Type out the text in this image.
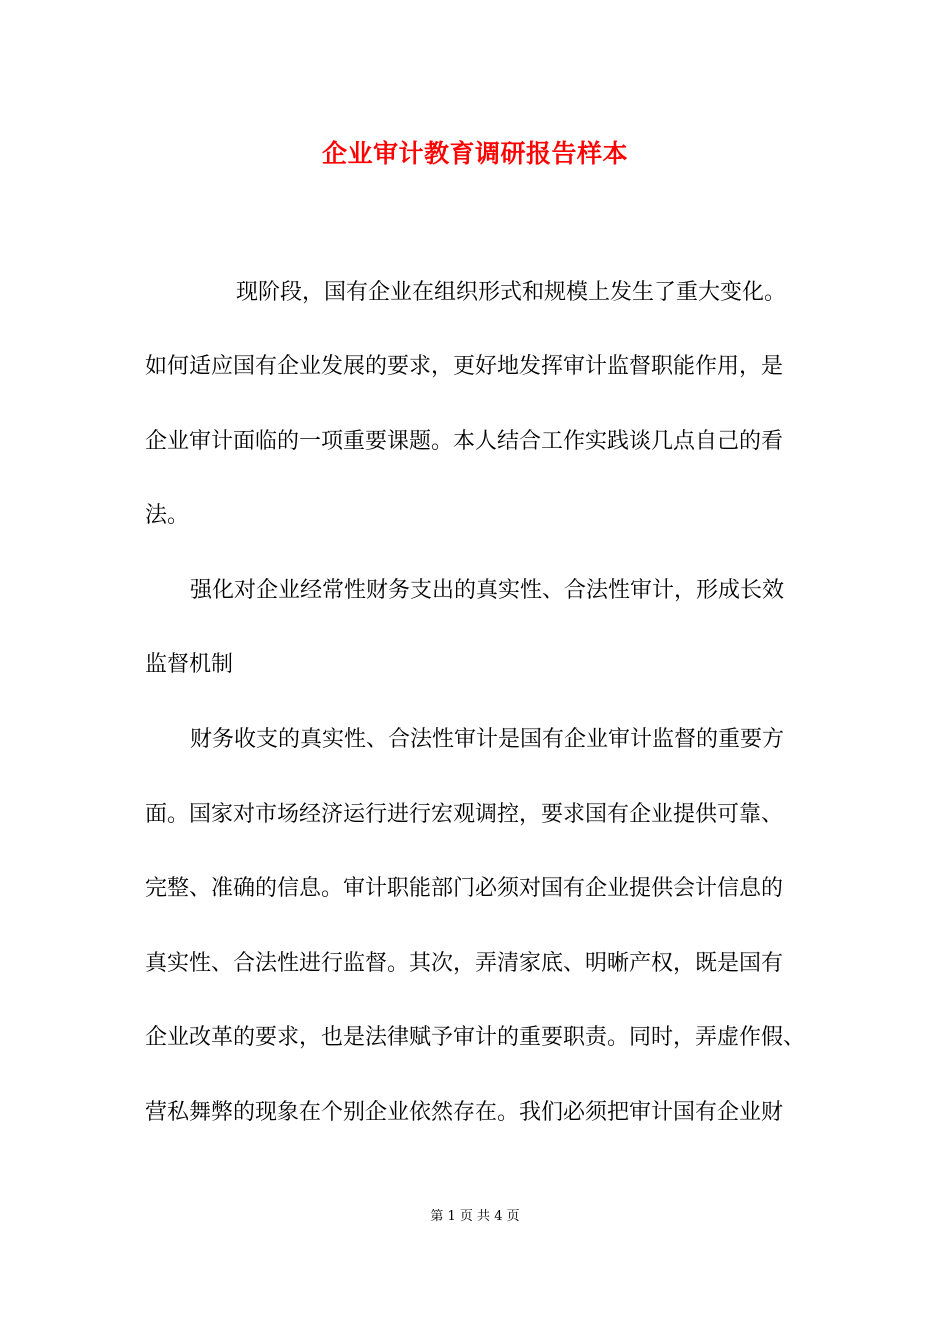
企业审计教育调研报告样本
现阶段，国有企业在组织形式和规模上发生了重大变化。
如何适应国有企业发展的要求，更好地发挥审计监督职能作用，是
企业审计面临的一项重要课题。本人结合工作实践谈几点自己的看
法。
强化对企业经常性财务支出的真实性、合法性审计，形成长效
监督机制
财务收支的真实性、合法性审计是国有企业审计监督的重要方
面。国家对市场经济运行进行宏观调控，要求国有企业提供可靠、
完整、准确的信息。审计职能部门必须对国有企业提供会计信息的
真实性、合法性进行监督。其次，弄清家底、明晰产权，既是国有
企业改革的要求，也是法律赋予审计的重要职责。同时，弄虚作假、
营私舞弊的现象在个别企业依然存在。我们必须把审计国有企业财
第 1 页 共 4 页
